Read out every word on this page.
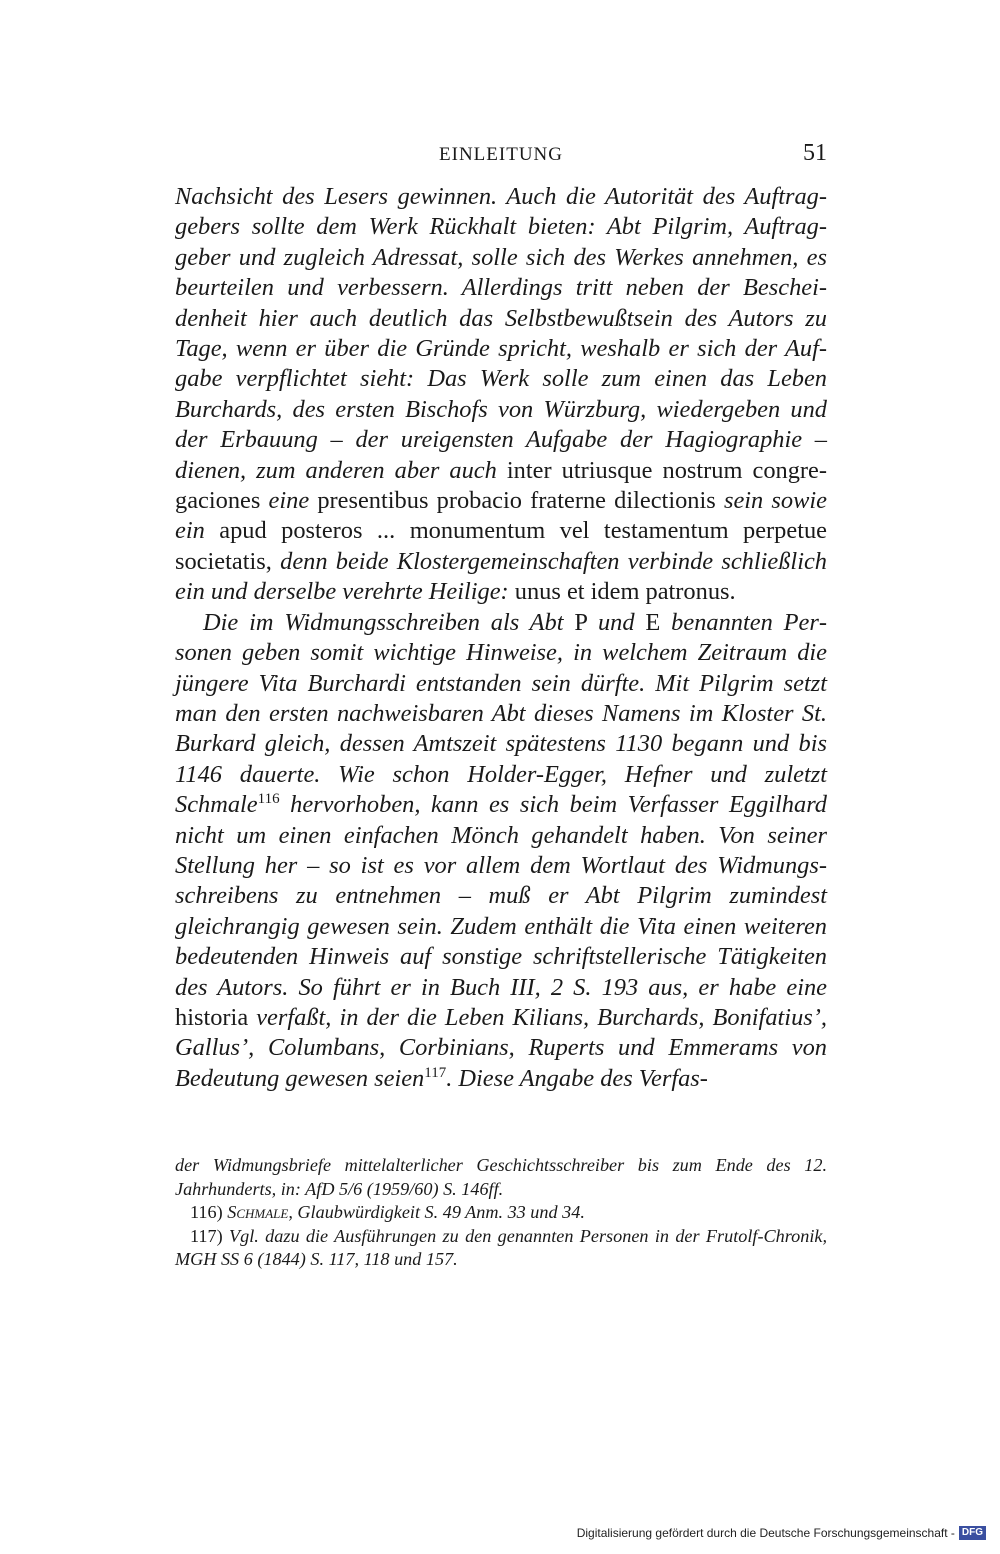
EINLEITUNG	51

Nachsicht des Lesers gewinnen. Auch die Autorität des Auftraggebers sollte dem Werk Rückhalt bieten: Abt Pilgrim, Auftraggeber und zugleich Adressat, solle sich des Werkes annehmen, es beurteilen und verbessern. Allerdings tritt neben der Bescheidenheit hier auch deutlich das Selbstbewußtsein des Autors zu Tage, wenn er über die Gründe spricht, weshalb er sich der Aufgabe verpflichtet sieht: Das Werk solle zum einen das Leben Burchards, des ersten Bischofs von Würzburg, wiedergeben und der Erbauung – der ureigensten Aufgabe der Hagiographie – dienen, zum anderen aber auch inter utriusque nostrum congregaciones eine presentibus probacio fraterne dilectionis sein sowie ein apud posteros ... monumentum vel testamentum perpetue societatis, denn beide Klostergemeinschaften verbinde schließlich ein und derselbe verehrte Heilige: unus et idem patronus.

Die im Widmungsschreiben als Abt P und E benannten Personen geben somit wichtige Hinweise, in welchem Zeitraum die jüngere Vita Burchardi entstanden sein dürfte. Mit Pilgrim setzt man den ersten nachweisbaren Abt dieses Namens im Kloster St. Burkard gleich, dessen Amtszeit spätestens 1130 begann und bis 1146 dauerte. Wie schon Holder-Egger, Hefner und zuletzt Schmale$^{116}$ hervorhoben, kann es sich beim Verfasser Eggilhard nicht um einen einfachen Mönch gehandelt haben. Von seiner Stellung her – so ist es vor allem dem Wortlaut des Widmungsschreibens zu entnehmen – muß er Abt Pilgrim zumindest gleichrangig gewesen sein. Zudem enthält die Vita einen weiteren bedeutenden Hinweis auf sonstige schriftstellerische Tätigkeiten des Autors. So führt er in Buch III, 2 S. 193 aus, er habe eine historia verfaßt, in der die Leben Kilians, Burchards, Bonifatius’, Gallus’, Columbans, Corbinians, Ruperts und Emmerams von Bedeutung gewesen seien$^{117}$. Diese Angabe des Verfas-

der Widmungsbriefe mittelalterlicher Geschichtsschreiber bis zum Ende des 12. Jahrhunderts, in: AfD 5/6 (1959/60) S. 146ff.

116) Schmale, Glaubwürdigkeit S. 49 Anm. 33 und 34.

117) Vgl. dazu die Ausführungen zu den genannten Personen in der Frutolf-Chronik, MGH SS 6 (1844) S. 117, 118 und 157.

Digitalisierung gefördert durch die Deutsche Forschungsgemeinschaft - DFG
